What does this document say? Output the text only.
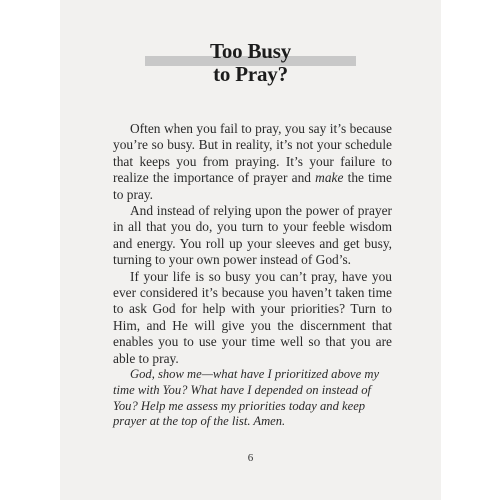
Too Busy
to Pray?

Often when you fail to pray, you say it’s because you’re so busy. But in reality, it’s not your schedule that keeps you from praying. It’s your failure to realize the importance of prayer and make the time to pray.

And instead of relying upon the power of prayer in all that you do, you turn to your feeble wisdom and energy. You roll up your sleeves and get busy, turning to your own power instead of God’s.

If your life is so busy you can’t pray, have you ever considered it’s because you haven’t taken time to ask God for help with your priorities? Turn to Him, and He will give you the discernment that enables you to use your time well so that you are able to pray.

God, show me—what have I prioritized above my time with You? What have I depended on instead of You? Help me assess my priorities today and keep prayer at the top of the list. Amen.

6
